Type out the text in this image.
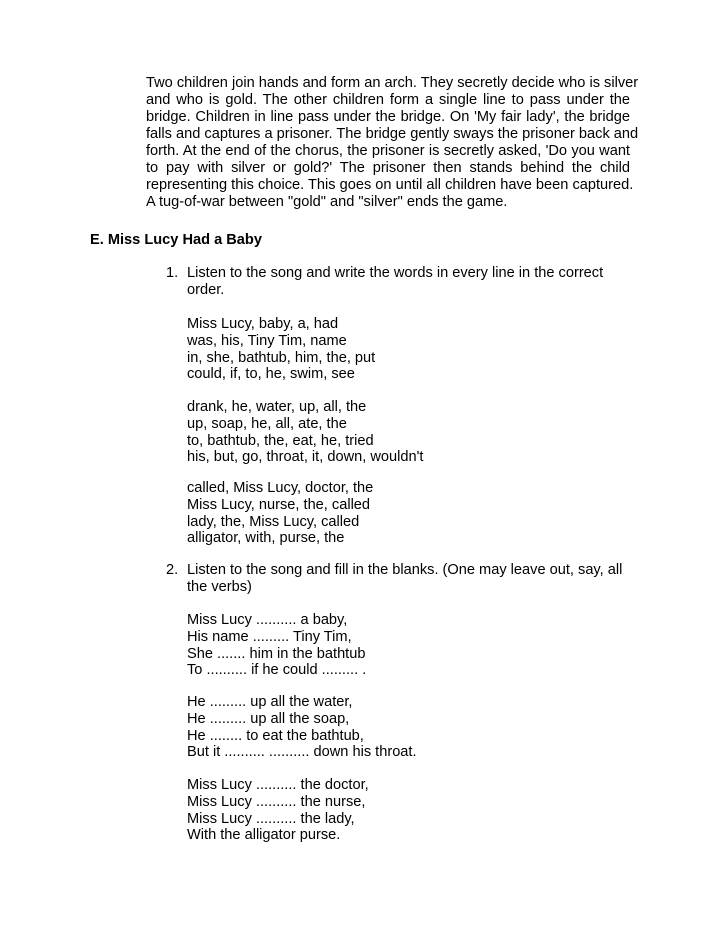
Two children join hands and form an arch. They secretly decide who is silver
and who is gold. The other children form a single line to pass under the
bridge. Children in line pass under the bridge. On 'My fair lady', the bridge
falls and captures a prisoner. The bridge gently sways the prisoner back and
forth. At the end of the chorus, the prisoner is secretly asked, 'Do you want
to pay with silver or gold?' The prisoner then stands behind the child
representing this choice. This goes on until all children have been captured.
A tug-of-war between "gold" and "silver" ends the game.
E. Miss Lucy Had a Baby
1. Listen to the song and write the words in every line in the correct
order.
Miss Lucy, baby, a, had
was, his, Tiny Tim, name
in, she, bathtub, him, the, put
could, if, to, he, swim, see
drank, he, water, up, all, the
up, soap, he, all, ate, the
to, bathtub, the, eat, he, tried
his, but, go, throat, it, down, wouldn't
called, Miss Lucy, doctor, the
Miss Lucy, nurse, the, called
lady, the, Miss Lucy, called
alligator, with, purse, the
2. Listen to the song and fill in the blanks. (One may leave out, say, all
the verbs)
Miss Lucy .......... a baby,
His name ......... Tiny Tim,
She ....... him in the bathtub
To .......... if he could ......... .
He ......... up all the water,
He ......... up all the soap,
He ........ to eat the bathtub,
But it .......... .......... down his throat.
Miss Lucy .......... the doctor,
Miss Lucy .......... the nurse,
Miss Lucy .......... the lady,
With the alligator purse.
